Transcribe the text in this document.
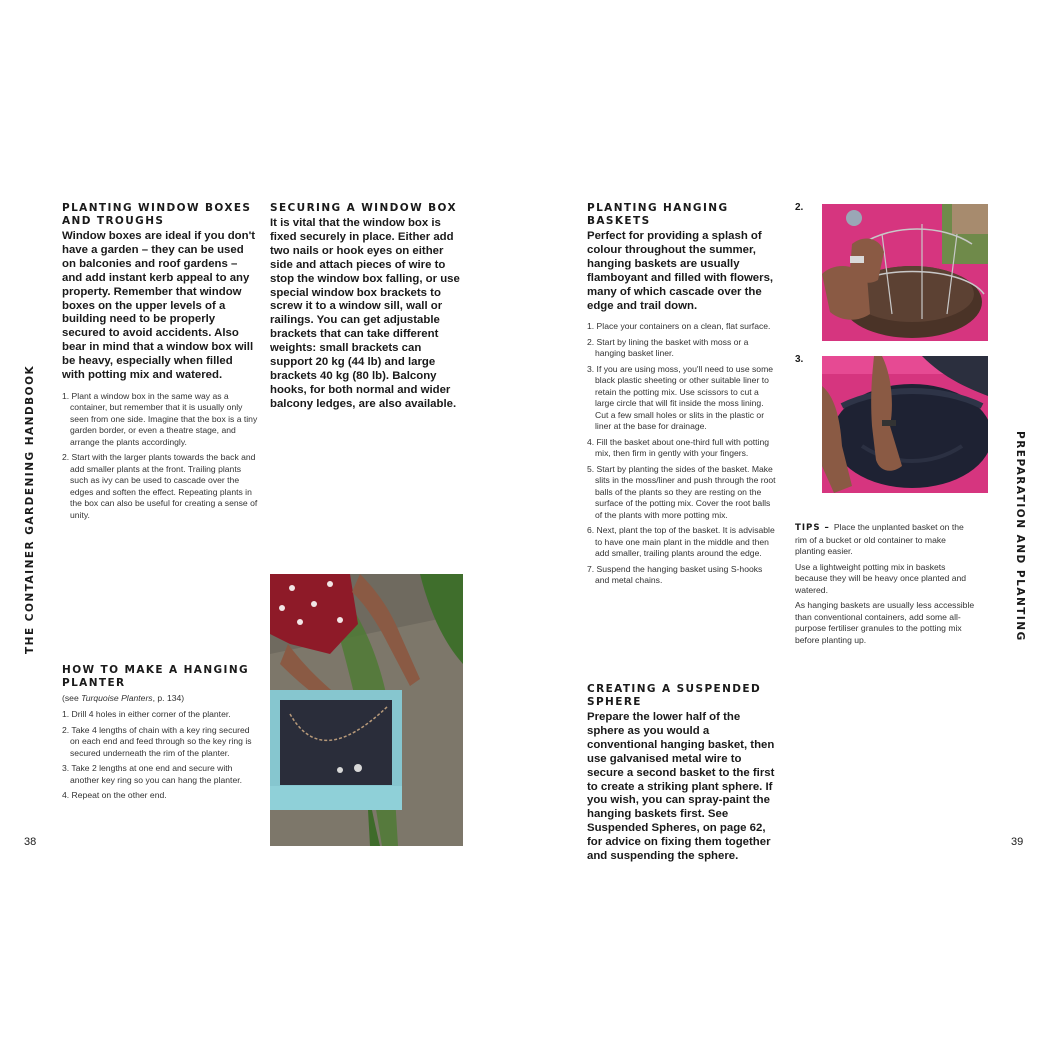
THE CONTAINER GARDENING HANDBOOK	PREPARATION AND PLANTING
38	39
PLANTING WINDOW BOXES AND TROUGHS

Window boxes are ideal if you don't have a garden – they can be used on balconies and roof gardens – and add instant kerb appeal to any property. Remember that window boxes on the upper levels of a building need to be properly secured to avoid accidents. Also bear in mind that a window box will be heavy, especially when filled with potting mix and watered.

1. Plant a window box in the same way as a container, but remember that it is usually only seen from one side. Imagine that the box is a tiny garden border, or even a theatre stage, and arrange the plants accordingly.
2. Start with the larger plants towards the back and add smaller plants at the front. Trailing plants such as ivy can be used to cascade over the edges and soften the effect. Repeating plants in the box can also be useful for creating a sense of unity.
SECURING A WINDOW BOX

It is vital that the window box is fixed securely in place. Either add two nails or hook eyes on either side and attach pieces of wire to stop the window box falling, or use special window box brackets to screw it to a window sill, wall or railings. You can get adjustable brackets that can take different weights: small brackets can support 20 kg (44 lb) and large brackets 40 kg (80 lb). Balcony hooks, for both normal and wider balcony ledges, are also available.

HOW TO MAKE A HANGING PLANTER

(see Turquoise Planters, p. 134)

1. Drill 4 holes in either corner of the planter.
2. Take 4 lengths of chain with a key ring secured on each end and feed through so the key ring is secured underneath the rim of the planter.
3. Take 2 lengths at one end and secure with another key ring so you can hang the planter.
4. Repeat on the other end.
PLANTING HANGING BASKETS

Perfect for providing a splash of colour throughout the summer, hanging baskets are usually flamboyant and filled with flowers, many of which cascade over the edge and trail down.

1. Place your containers on a clean, flat surface.
2. Start by lining the basket with moss or a hanging basket liner.
3. If you are using moss, you'll need to use some black plastic sheeting or other suitable liner to retain the potting mix. Use scissors to cut a large circle that will fit inside the moss lining. Cut a few small holes or slits in the plastic or liner at the base for drainage.
4. Fill the basket about one-third full with potting mix, then firm in gently with your fingers.
5. Start by planting the sides of the basket. Make slits in the moss/liner and push through the root balls of the plants so they are resting on the surface of the potting mix. Cover the root balls of the plants with more potting mix.
6. Next, plant the top of the basket. It is advisable to have one main plant in the middle and then add smaller, trailing plants around the edge.
7. Suspend the hanging basket using S-hooks and metal chains.
CREATING A SUSPENDED SPHERE

Prepare the lower half of the sphere as you would a conventional hanging basket, then use galvanised metal wire to secure a second basket to the first to create a striking plant sphere. If you wish, you can spray-paint the hanging baskets first. See Suspended Spheres, on page 62, for advice on fixing them together and suspending the sphere.

2.
3.

TIPS – Place the unplanted basket on the rim of a bucket or old container to make planting easier.

Use a lightweight potting mix in baskets because they will be heavy once planted and watered.

As hanging baskets are usually less accessible than conventional containers, add some all-purpose fertiliser granules to the potting mix before planting up.
